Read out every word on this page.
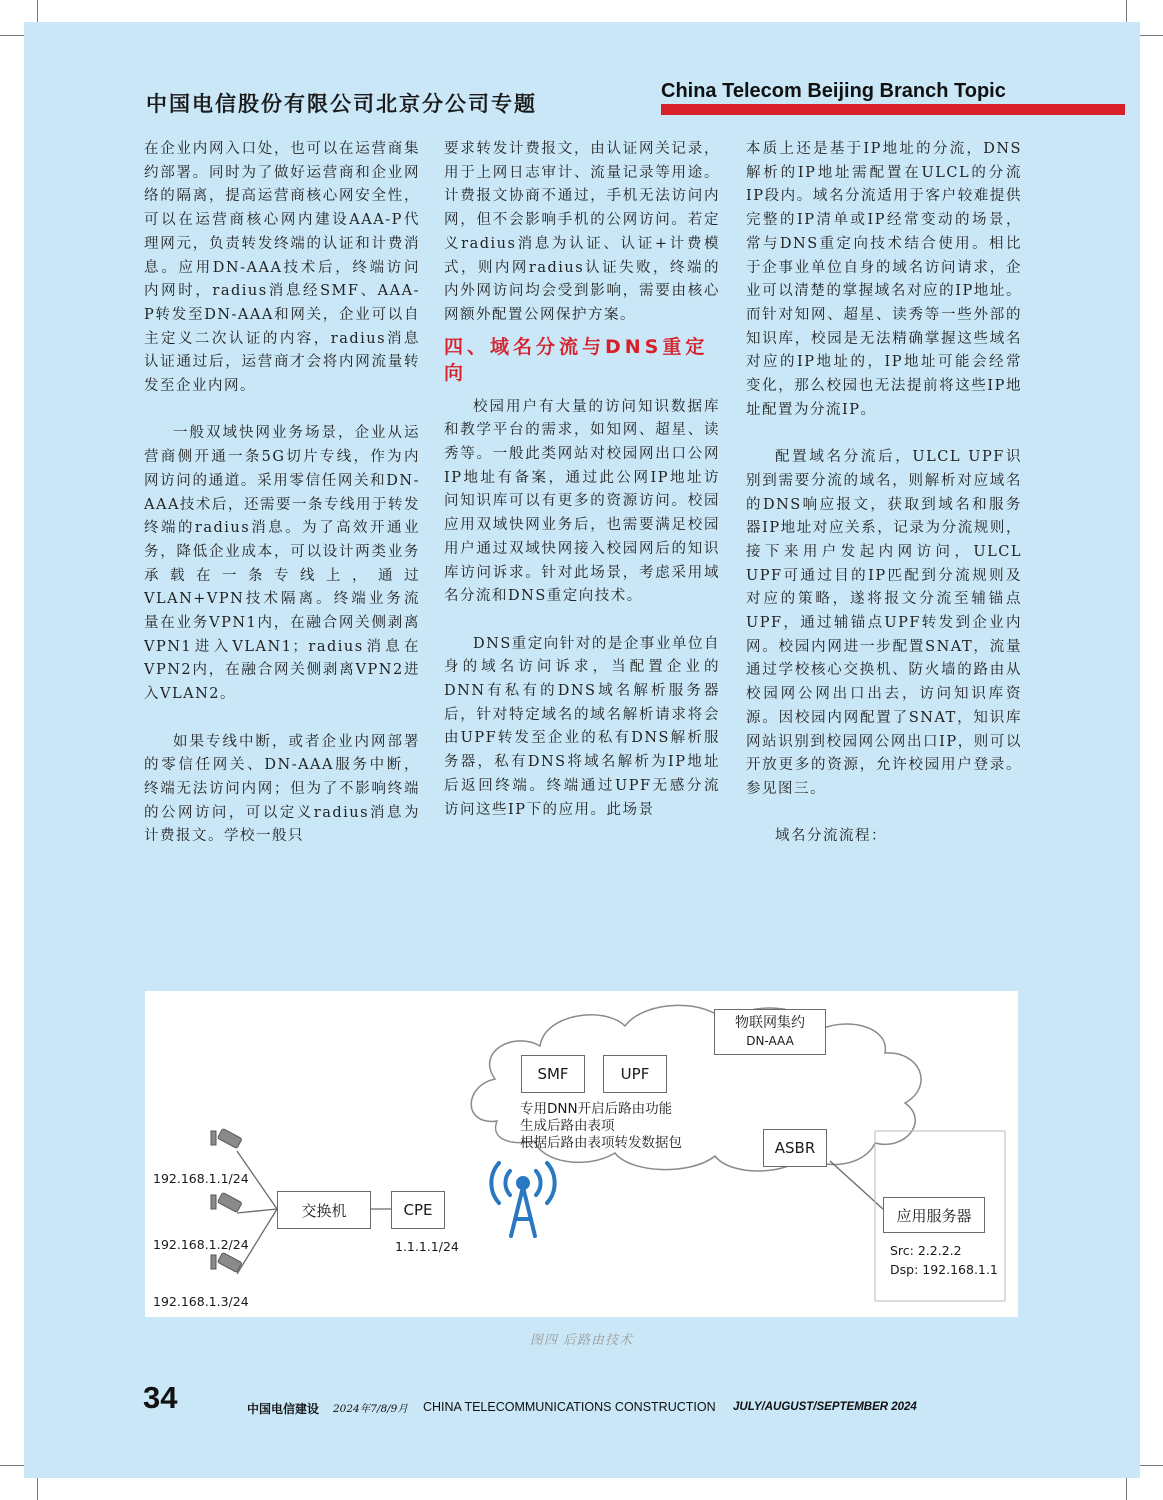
中国电信股份有限公司北京分公司专题
China Telecom Beijing Branch Topic

在企业内网入口处，也可以在运营商集约部署。同时为了做好运营商和企业网络的隔离，提高运营商核心网安全性，可以在运营商核心网内建设AAA-P代理网元，负责转发终端的认证和计费消息。应用DN-AAA技术后，终端访问内网时，radius消息经SMF、AAA-P转发至DN-AAA和网关，企业可以自主定义二次认证的内容，radius消息认证通过后，运营商才会将内网流量转发至企业内网。

一般双域快网业务场景，企业从运营商侧开通一条5G切片专线，作为内网访问的通道。采用零信任网关和DN-AAA技术后，还需要一条专线用于转发终端的radius消息。为了高效开通业务，降低企业成本，可以设计两类业务承载在一条专线上，通过VLAN+VPN技术隔离。终端业务流量在业务VPN1内，在融合网关侧剥离VPN1进入VLAN1；radius消息在VPN2内，在融合网关侧剥离VPN2进入VLAN2。

如果专线中断，或者企业内网部署的零信任网关、DN-AAA服务中断，终端无法访问内网；但为了不影响终端的公网访问，可以定义radius消息为计费报文。学校一般只

要求转发计费报文，由认证网关记录，用于上网日志审计、流量记录等用途。计费报文协商不通过，手机无法访问内网，但不会影响手机的公网访问。若定义radius消息为认证、认证+计费模式，则内网radius认证失败，终端的内外网访问均会受到影响，需要由核心网额外配置公网保护方案。

四、域名分流与DNS重定向

校园用户有大量的访问知识数据库和教学平台的需求，如知网、超星、读秀等。一般此类网站对校园网出口公网IP地址有备案，通过此公网IP地址访问知识库可以有更多的资源访问。校园应用双域快网业务后，也需要满足校园用户通过双域快网接入校园网后的知识库访问诉求。针对此场景，考虑采用域名分流和DNS重定向技术。

DNS重定向针对的是企事业单位自身的域名访问诉求，当配置企业的DNN有私有的DNS域名解析服务器后，针对特定域名的域名解析请求将会由UPF转发至企业的私有DNS解析服务器，私有DNS将域名解析为IP地址后返回终端。终端通过UPF无感分流访问这些IP下的应用。此场景

本质上还是基于IP地址的分流，DNS解析的IP地址需配置在ULCL的分流IP段内。域名分流适用于客户较难提供完整的IP清单或IP经常变动的场景，常与DNS重定向技术结合使用。相比于企事业单位自身的域名访问请求，企业可以清楚的掌握域名对应的IP地址。而针对知网、超星、读秀等一些外部的知识库，校园是无法精确掌握这些域名对应的IP地址的，IP地址可能会经常变化，那么校园也无法提前将这些IP地址配置为分流IP。

配置域名分流后，ULCL UPF识别到需要分流的域名，则解析对应域名的DNS响应报文，获取到域名和服务器IP地址对应关系，记录为分流规则，接下来用户发起内网访问，ULCL UPF可通过目的IP匹配到分流规则及对应的策略，遂将报文分流至辅锚点UPF，通过辅锚点UPF转发到企业内网。校园内网进一步配置SNAT，流量通过学校核心交换机、防火墙的路由从校园网公网出口出去，访问知识库资源。因校园内网配置了SNAT，知识库网站识别到校园网公网出口IP，则可以开放更多的资源，允许校园用户登录。参见图三。

域名分流流程：

SMF	UPF
物联网集约
DN-AAA
ASBR
交换机	CPE	应用服务器
专用DNN开启后路由功能
生成后路由表项
根据后路由表项转发数据包
192.168.1.1/24
192.168.1.2/24
192.168.1.3/24
1.1.1.1/24	Src: 2.2.2.2
Dsp: 192.168.1.1
图四 后路由技术
34	中国电信建设 2024年7/8/9月 CHINA TELECOMMUNICATIONS CONSTRUCTION JULY/AUGUST/SEPTEMBER 2024
